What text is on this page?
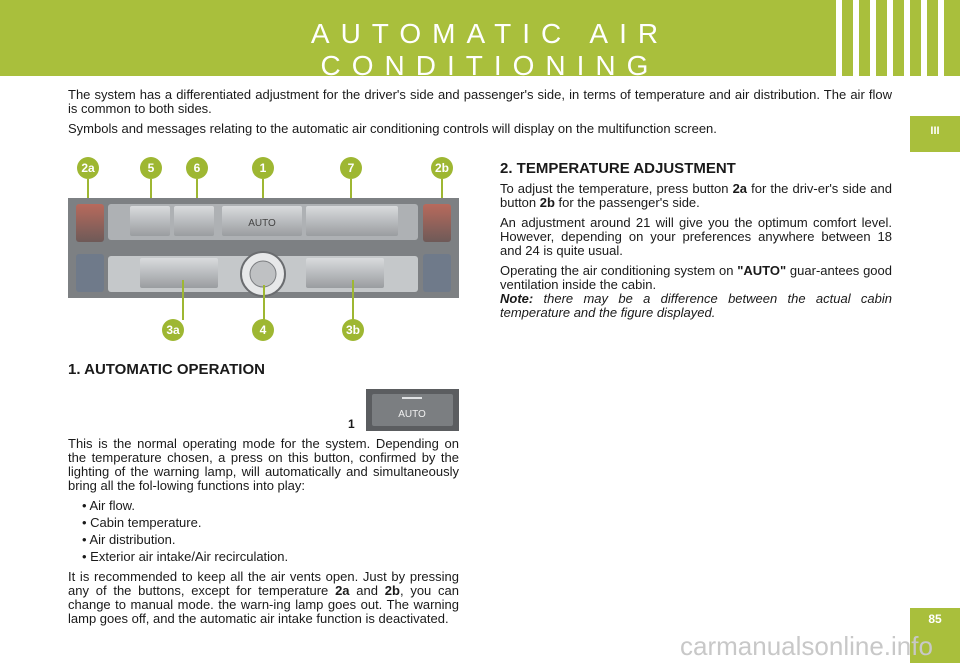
AUTOMATIC AIR CONDITIONING
III
85

The system has a differentiated adjustment for the driver's side and passenger's side, in terms of temperature and air distribution. The air flow is common to both sides.

Symbols and messages relating to the automatic air conditioning controls will display on the multifunction screen.

2a	5	6	1	7	2b
AUTO
3a	4	3b
1. AUTOMATIC OPERATION
1
AUTO

This is the normal operating mode for the system. Depending on the temperature chosen, a press on this button, confirmed by the lighting of the warning lamp, will automatically and simultaneously bring all the fol-lowing functions into play:

• Air flow.
• Cabin temperature.
• Air distribution.
• Exterior air intake/Air recirculation.

It is recommended to keep all the air vents open. Just by pressing any of the buttons, except for temperature 2a and 2b, you can change to manual mode. the warn-ing lamp goes out. The warning lamp goes off, and the automatic air intake function is deactivated.

2. TEMPERATURE ADJUSTMENT

To adjust the temperature, press button 2a for the driv-er's side and button 2b for the passenger's side.

An adjustment around 21 will give you the optimum comfort level. However, depending on your preferences anywhere between 18 and 24 is quite usual.

Operating the air conditioning system on "AUTO" guar-antees good ventilation inside the cabin.

Note: there may be a difference between the actual cabin temperature and the figure displayed.

carmanualsonline.info
